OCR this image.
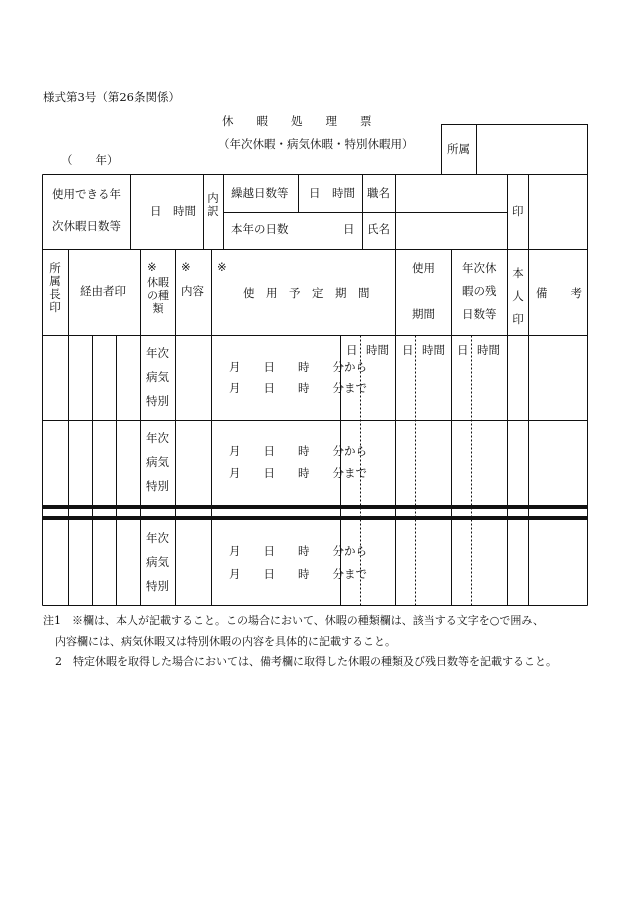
様式第3号（第26条関係）
休　　暇　　処　　理　　票
（年次休暇・病気休暇・特別休暇用）
（　　年）
所属
使用できる年
次休暇日数等
日　時間
内訳
繰越日数等 日　時間
本年の日数	日
職名
氏名
印
所属長印
経由者印
※
休暇の種類
※
内容
※
使　用　予　定　期　間
使用
期間
年次休
暇の残
日数等
本人印
備　　考
年次
病気
特別
月　　日　　時　　分から
月　　日　　時　　分まで
日 時間 日 時間 日 時間
年次
病気
特別
月　　日　　時　　分から
月　　日　　時　　分まで
年次
病気
特別
月　　日　　時　　分から
月　　日　　時　　分まで
注1　※欄は、本人が記載すること。この場合において、休暇の種類欄は、該当する文字を○で囲み、
内容欄には、病気休暇又は特別休暇の内容を具体的に記載すること。
2　特定休暇を取得した場合においては、備考欄に取得した休暇の種類及び残日数等を記載すること。
